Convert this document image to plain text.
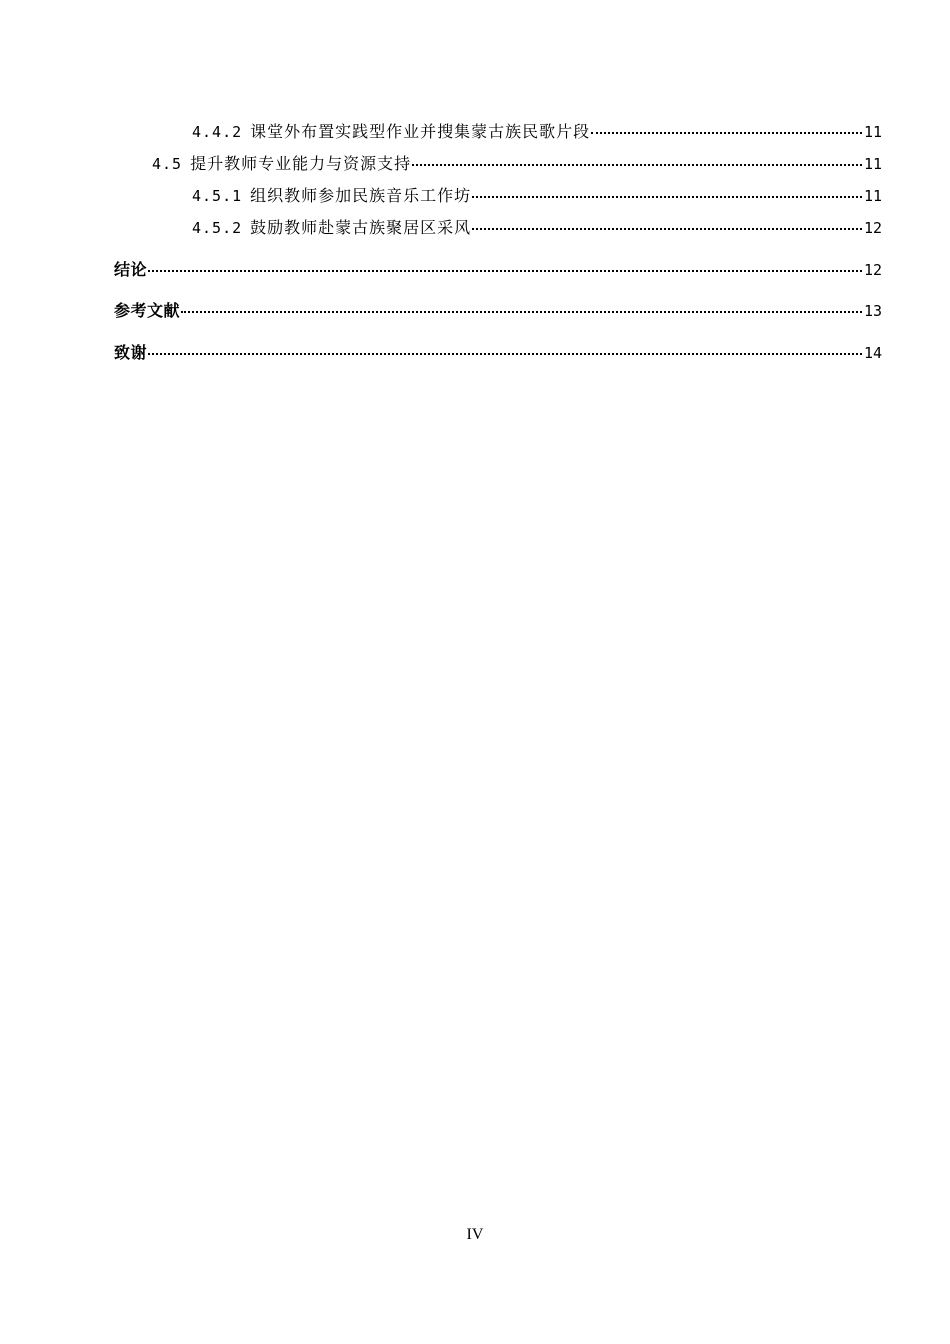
4.4.2 课堂外布置实践型作业并搜集蒙古族民歌片段	11
4.5 提升教师专业能力与资源支持	11
4.5.1 组织教师参加民族音乐工作坊	11
4.5.2 鼓励教师赴蒙古族聚居区采风	12
结论	12
参考文献	13
致谢	14
IV
